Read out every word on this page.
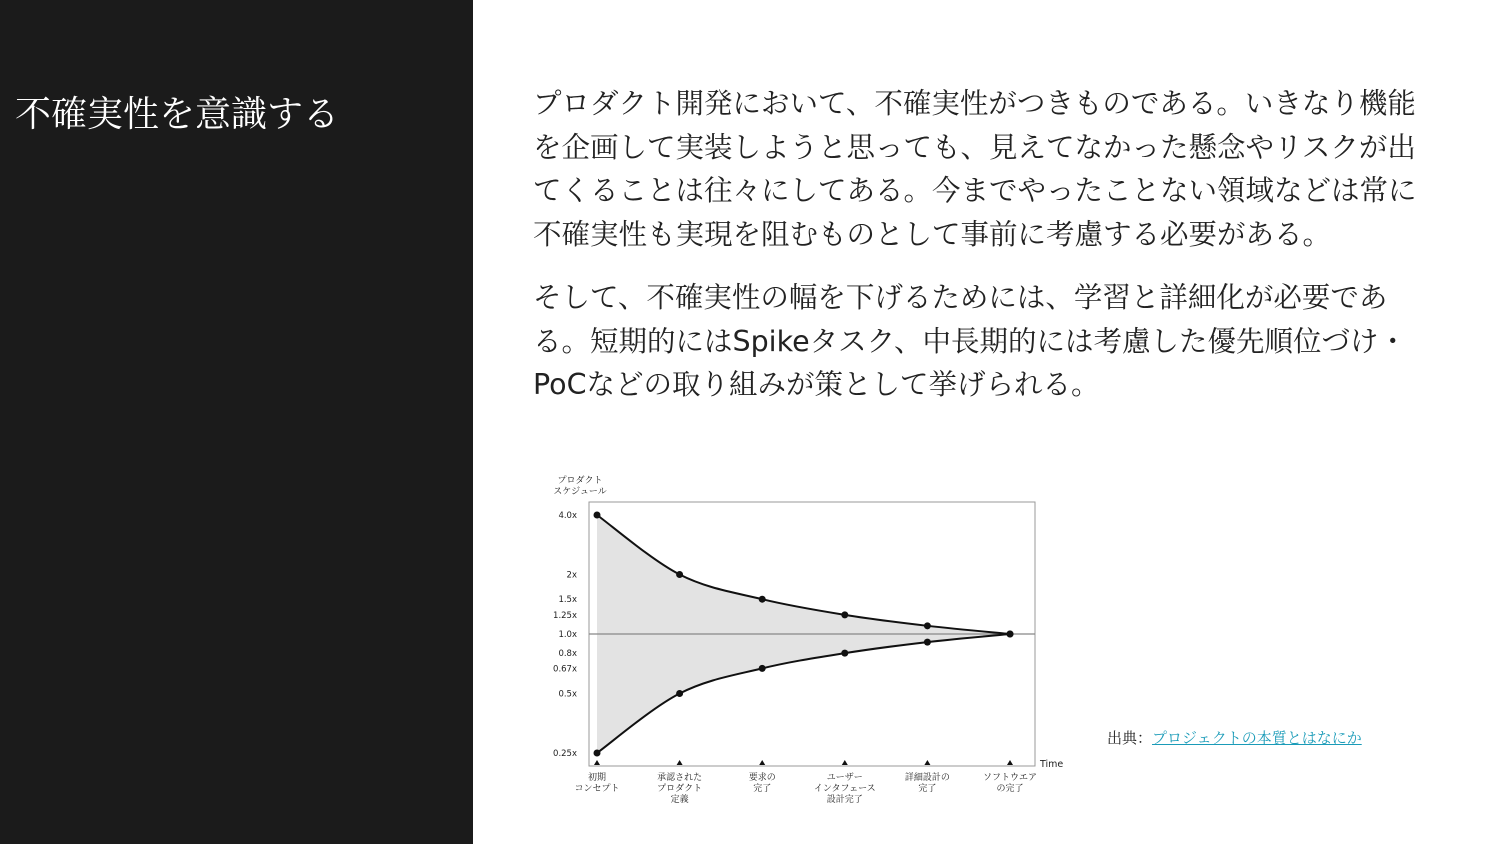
不確実性を意識する	プロダクト開発において、不確実性がつきものである。いきなり機能を企画して実装しようと思っても、見えてなかった懸念やリスクが出てくることは往々にしてある。今までやったことない領域などは常に不確実性も実現を阻むものとして事前に考慮する必要がある。

そして、不確実性の幅を下げるためには、学習と詳細化が必要である。短期的にはSpikeタスク、中長期的には考慮した優先順位づけ・PoCなどの取り組みが策として挙げられる。

4.0x
2x
1.5x
1.25x
1.0x
0.8x
0.67x
0.5x
0.25x
プロダクトスケジュール
初期コンセプト
承認されたプロダクト定義
要求の完了
ユーザーインタフェース設計完了
詳細設計の完了
ソフトウエアの完了
Time
出典：プロジェクトの本質とはなにか
